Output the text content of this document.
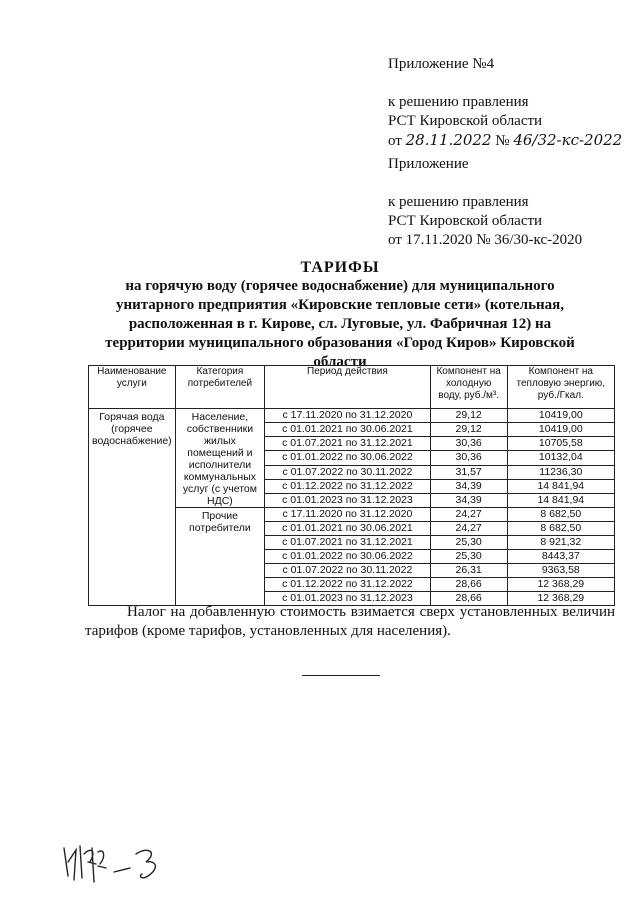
Приложение №4
к решению правления
РСТ Кировской области
от 28.11.2022 № 46/32-кс-2022
Приложение
к решению правления
РСТ Кировской области
от 17.11.2020 № 36/30-кс-2020
ТАРИФЫ
на горячую воду (горячее водоснабжение) для муниципального
унитарного предприятия «Кировские тепловые сети» (котельная,
расположенная в г. Кирове, сл. Луговые, ул. Фабричная 12) на
территории муниципального образования «Город Киров» Кировской
области
Наименование услуги	Категория потребителей	Период действия	Компонент на холодную воду, руб./м³.	Компонент на тепловую энергию, руб./Гкал.
Горячая вода (горячее водоснабжение)	Население, собственники жилых помещений и исполнители коммунальных услуг (с учетом НДС)	с 17.11.2020 по 31.12.2020	29,12	10419,00
		с 01.01.2021 по 30.06.2021	29,12	10419,00
		с 01.07.2021 по 31.12.2021	30,36	10705,58
		с 01.01.2022 по 30.06.2022	30,36	10132,04
		с 01.07.2022 по 30.11.2022	31,57	11236,30
		с 01.12.2022 по 31.12.2022	34,39	14 841,94
		с 01.01.2023 по 31.12.2023	34,39	14 841,94
	Прочие потребители	с 17.11.2020 по 31.12.2020	24,27	8 682,50
		с 01.01.2021 по 30.06.2021	24,27	8 682,50
		с 01.07.2021 по 31.12.2021	25,30	8 921,32
		с 01.01.2022 по 30.06.2022	25,30	8443,37
		с 01.07.2022 по 30.11.2022	26,31	9363,58
		с 01.12.2022 по 31.12.2022	28,66	12 368,29
		с 01.01.2023 по 31.12.2023	28,66	12 368,29
Налог на добавленную стоимость взимается сверх установленных величин тарифов (кроме тарифов, установленных для населения).
